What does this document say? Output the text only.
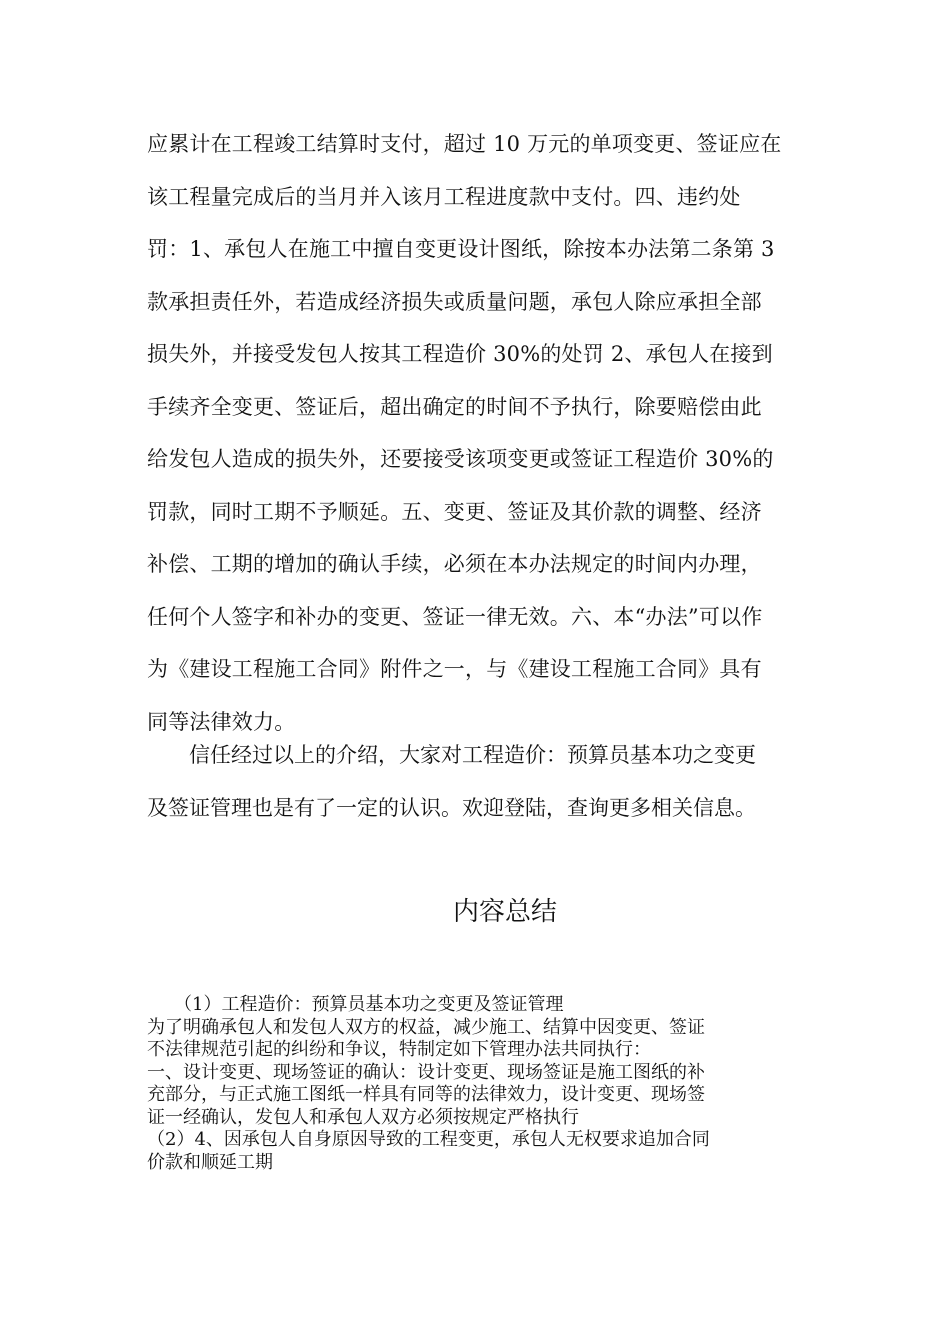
应累计在工程竣工结算时支付，超过 10 万元的单项变更、签证应在
该工程量完成后的当月并入该月工程进度款中支付。四、违约处
罚：1、承包人在施工中擅自变更设计图纸，除按本办法第二条第 3
款承担责任外，若造成经济损失或质量问题，承包人除应承担全部
损失外，并接受发包人按其工程造价 30%的处罚 2、承包人在接到
手续齐全变更、签证后，超出确定的时间不予执行，除要赔偿由此
给发包人造成的损失外，还要接受该项变更或签证工程造价 30%的
罚款，同时工期不予顺延。五、变更、签证及其价款的调整、经济
补偿、工期的增加的确认手续，必须在本办法规定的时间内办理，
任何个人签字和补办的变更、签证一律无效。六、本“办法”可以作
为《建设工程施工合同》附件之一，与《建设工程施工合同》具有
同等法律效力。
　　信任经过以上的介绍，大家对工程造价：预算员基本功之变更
及签证管理也是有了一定的认识。欢迎登陆，查询更多相关信息。
内容总结
　　（1）工程造价：预算员基本功之变更及签证管理
为了明确承包人和发包人双方的权益，减少施工、结算中因变更、签证
不法律规范引起的纠纷和争议，特制定如下管理办法共同执行：
一、设计变更、现场签证的确认：设计变更、现场签证是施工图纸的补
充部分，与正式施工图纸一样具有同等的法律效力，设计变更、现场签
证一经确认，发包人和承包人双方必须按规定严格执行
（2）4、因承包人自身原因导致的工程变更，承包人无权要求追加合同
价款和顺延工期
